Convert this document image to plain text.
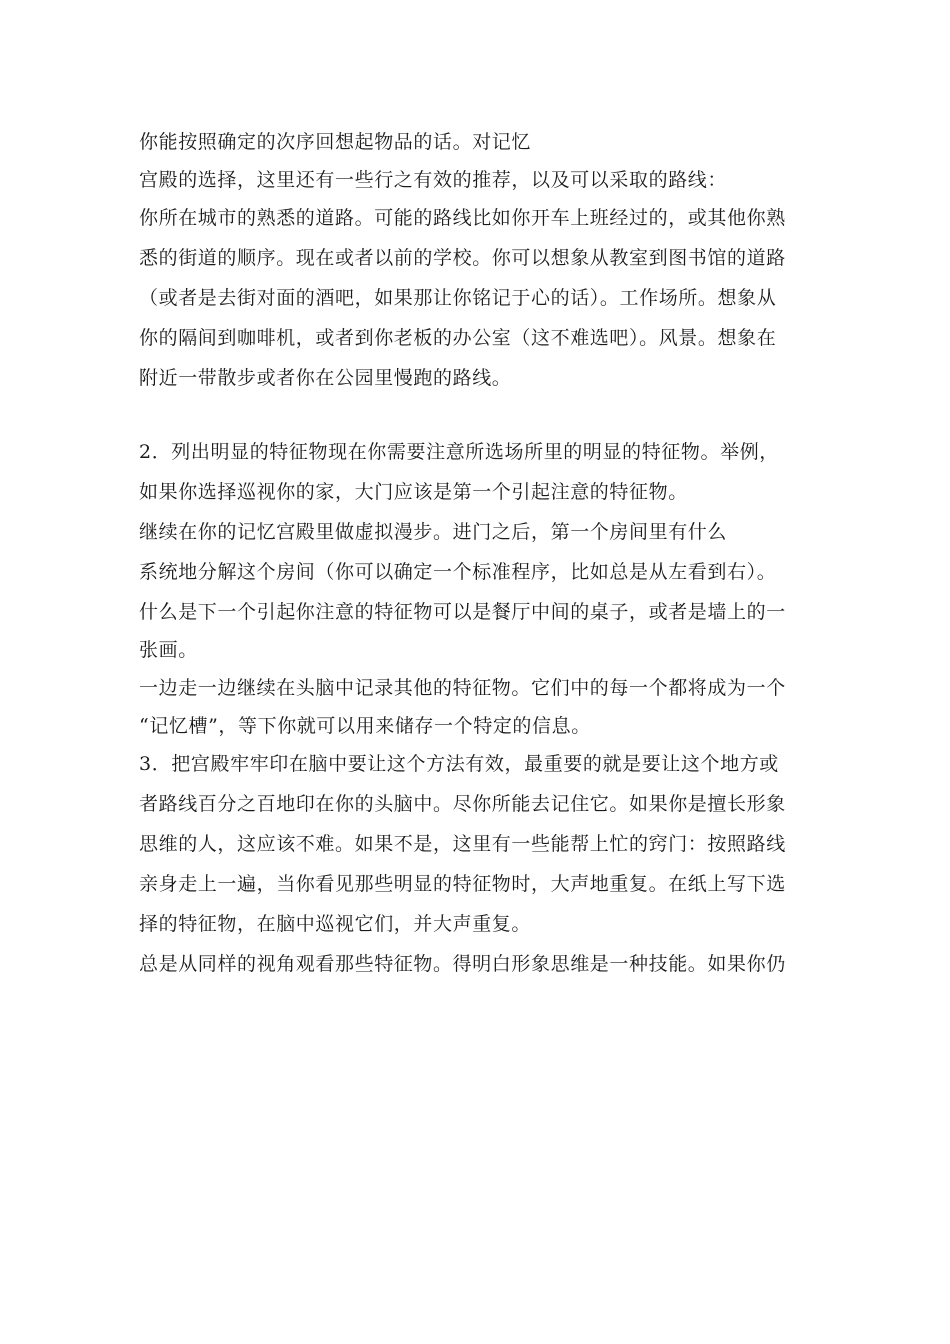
你能按照确定的次序回想起物品的话。对记忆
宫殿的选择，这里还有一些行之有效的推荐，以及可以采取的路线：
你所在城市的熟悉的道路。可能的路线比如你开车上班经过的，或其他你熟
悉的街道的顺序。现在或者以前的学校。你可以想象从教室到图书馆的道路
（或者是去街对面的酒吧，如果那让你铭记于心的话）。工作场所。想象从
你的隔间到咖啡机，或者到你老板的办公室（这不难选吧）。风景。想象在
附近一带散步或者你在公园里慢跑的路线。
2．列出明显的特征物现在你需要注意所选场所里的明显的特征物。举例，
如果你选择巡视你的家，大门应该是第一个引起注意的特征物。
继续在你的记忆宫殿里做虚拟漫步。进门之后，第一个房间里有什么
系统地分解这个房间（你可以确定一个标准程序，比如总是从左看到右）。
什么是下一个引起你注意的特征物可以是餐厅中间的桌子，或者是墙上的一
张画。
一边走一边继续在头脑中记录其他的特征物。它们中的每一个都将成为一个
“记忆槽”，等下你就可以用来储存一个特定的信息。
3．把宫殿牢牢印在脑中要让这个方法有效，最重要的就是要让这个地方或
者路线百分之百地印在你的头脑中。尽你所能去记住它。如果你是擅长形象
思维的人，这应该不难。如果不是，这里有一些能帮上忙的窍门：按照路线
亲身走上一遍，当你看见那些明显的特征物时，大声地重复。在纸上写下选
择的特征物，在脑中巡视它们，并大声重复。
总是从同样的视角观看那些特征物。得明白形象思维是一种技能。如果你仍
